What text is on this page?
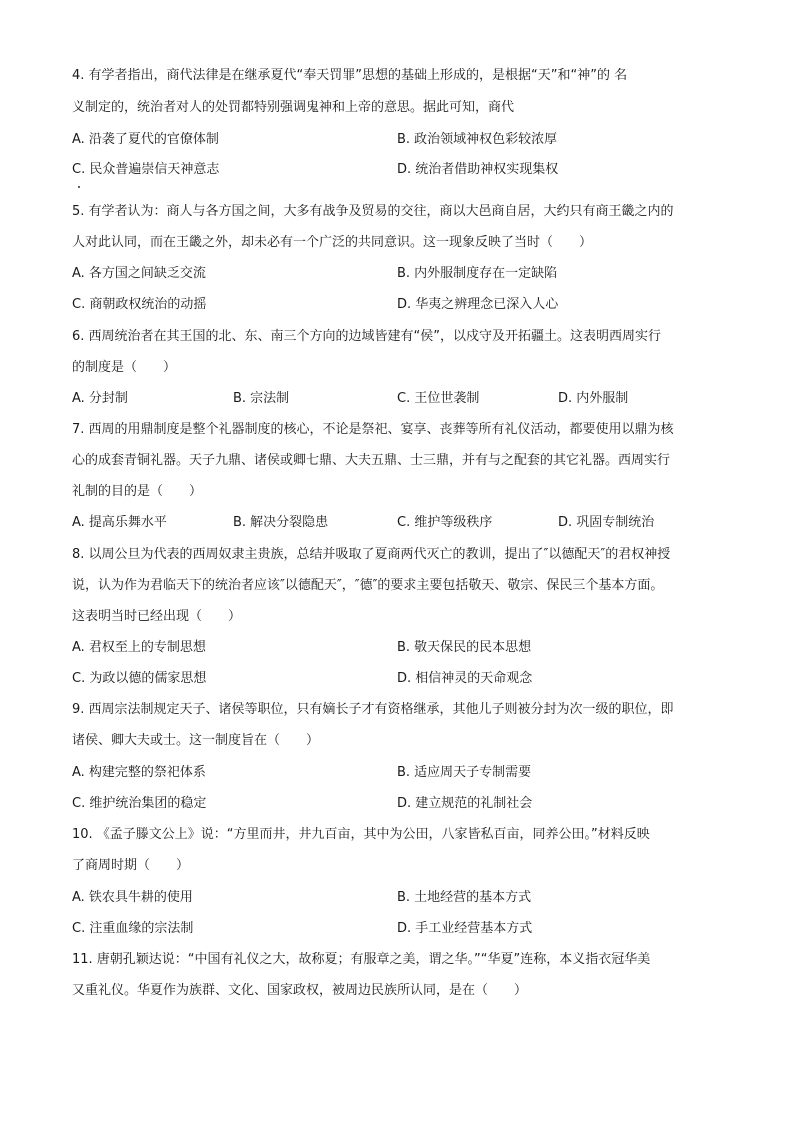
4. 有学者指出，商代法律是在继承夏代“奉天罚罪”思想的基础上形成的，是根据“天”和“神”的 名
义制定的，统治者对人的处罚都特别强调鬼神和上帝的意思。据此可知，商代
A. 沿袭了夏代的官僚体制	B. 政治领域神权色彩较浓厚
C. 民众普遍崇信天神意志	D. 统治者借助神权实现集权
5. 有学者认为：商人与各方国之间，大多有战争及贸易的交往，商以大邑商自居，大约只有商王畿之内的
人对此认同，而在王畿之外，却未必有一个广泛的共同意识。这一现象反映了当时（　　）
A. 各方国之间缺乏交流	B. 内外服制度存在一定缺陷
C. 商朝政权统治的动摇	D. 华夷之辨理念已深入人心
6. 西周统治者在其王国的北、东、南三个方向的边域皆建有“侯”，以戍守及开拓疆土。这表明西周实行
的制度是（　　）
A. 分封制	B. 宗法制	C. 王位世袭制	D. 内外服制
7. 西周的用鼎制度是整个礼器制度的核心，不论是祭祀、宴享、丧葬等所有礼仪活动，都要使用以鼎为核
心的成套青铜礼器。天子九鼎、诸侯或卿七鼎、大夫五鼎、士三鼎，并有与之配套的其它礼器。西周实行
礼制的目的是（　　）
A. 提高乐舞水平	B. 解决分裂隐患	C. 维护等级秩序	D. 巩固专制统治
8. 以周公旦为代表的西周奴隶主贵族，总结并吸取了夏商两代灭亡的教训，提出了″以德配天″的君权神授
说，认为作为君临天下的统治者应该″以德配天″，″德″的要求主要包括敬天、敬宗、保民三个基本方面。
这表明当时已经出现（　　）
A. 君权至上的专制思想	B. 敬天保民的民本思想
C. 为政以德的儒家思想	D. 相信神灵的天命观念
9. 西周宗法制规定天子、诸侯等职位，只有嫡长子才有资格继承，其他儿子则被分封为次一级的职位，即
诸侯、卿大夫或士。这一制度旨在（　　）
A. 构建完整的祭祀体系	B. 适应周天子专制需要
C. 维护统治集团的稳定	D. 建立规范的礼制社会
10. 《孟子滕文公上》说：“方里而井，井九百亩，其中为公田，八家皆私百亩，同养公田。”材料反映
了商周时期（　　）
A. 铁农具牛耕的使用	B. 土地经营的基本方式
C. 注重血缘的宗法制	D. 手工业经营基本方式
11. 唐朝孔颖达说：“中国有礼仪之大，故称夏；有服章之美，谓之华。”“华夏”连称，本义指衣冠华美
又重礼仪。华夏作为族群、文化、国家政权，被周边民族所认同，是在（　　）
